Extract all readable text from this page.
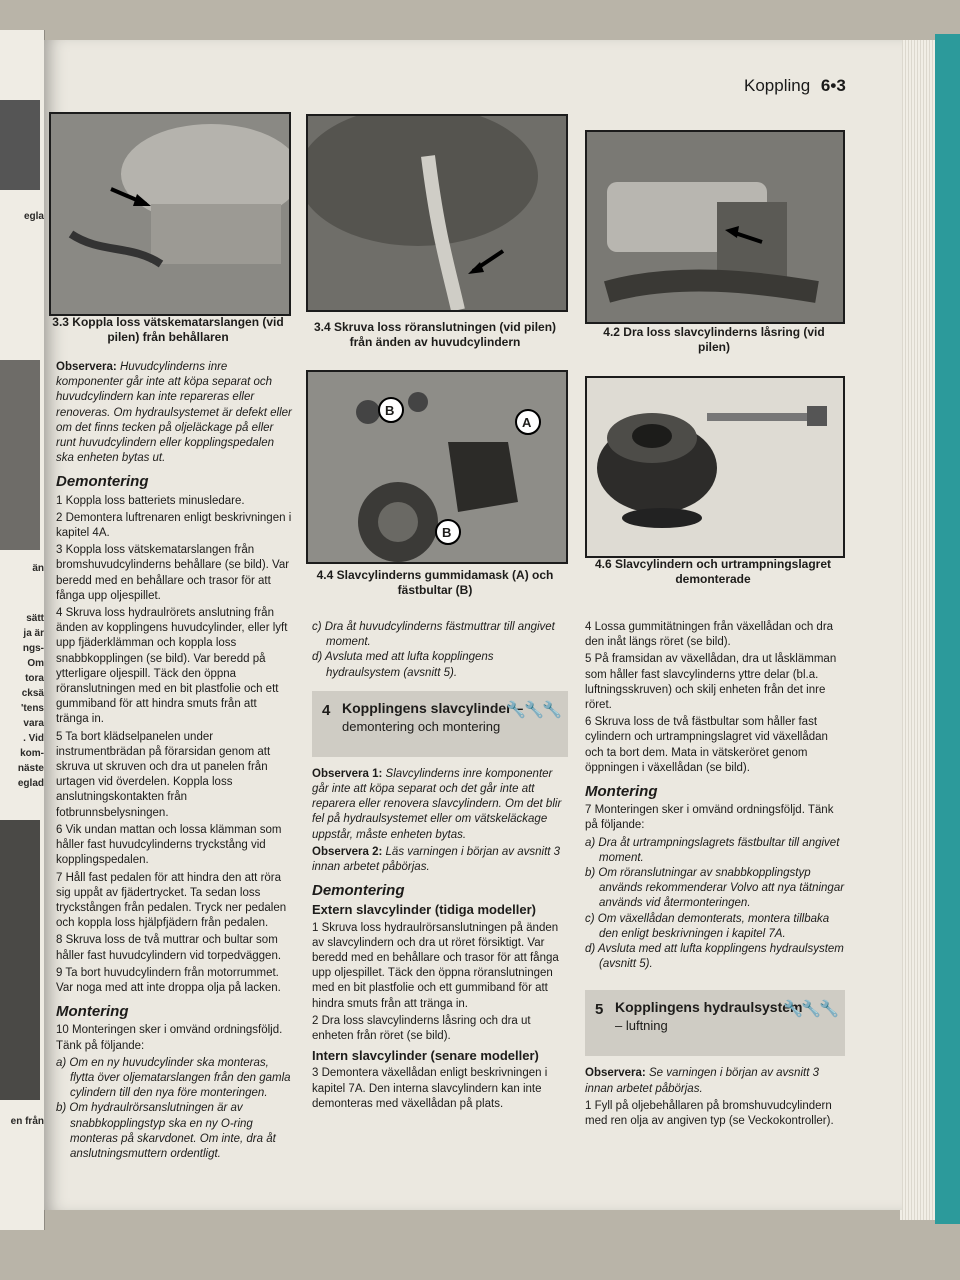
egla
än
sätt
ja är
ngs-
Om
tora
cksä
'tens
vara
. Vid
kom-
näste
eglad
en från
Koppling 6•3
3.3 Koppla loss vätskematarslangen (vid pilen) från behållaren
3.4 Skruva loss röranslutningen (vid pilen) från änden av huvudcylindern
4.2 Dra loss slavcylinderns låsring (vid pilen)
B
A
B
4.4 Slavcylinderns gummidamask (A) och fästbultar (B)
4.6 Slavcylindern och urtrampningslagret demonterade

Observera: Huvudcylinderns inre komponenter går inte att köpa separat och huvudcylindern kan inte repareras eller renoveras. Om hydraulsystemet är defekt eller om det finns tecken på oljeläckage på eller runt huvudcylindern eller kopplingspedalen ska enheten bytas ut.

Demontering

1 Koppla loss batteriets minusledare.

2 Demontera luftrenaren enligt beskrivningen i kapitel 4A.

3 Koppla loss vätskematarslangen från bromshuvudcylinderns behållare (se bild). Var beredd med en behållare och trasor för att fånga upp oljespillet.

4 Skruva loss hydraulrörets anslutning från änden av kopplingens huvudcylinder, eller lyft upp fjäderklämman och koppla loss snabbkopplingen (se bild). Var beredd på ytterligare oljespill. Täck den öppna röranslutningen med en bit plastfolie och ett gummiband för att hindra smuts från att tränga in.

5 Ta bort klädselpanelen under instrumentbrädan på förarsidan genom att skruva ut skruven och dra ut panelen från urtagen vid överdelen. Koppla loss anslutningskontakten från fotbrunnsbelysningen.

6 Vik undan mattan och lossa klämman som håller fast huvudcylinderns tryckstång vid kopplingspedalen.

7 Håll fast pedalen för att hindra den att röra sig uppåt av fjädertrycket. Ta sedan loss tryckstången från pedalen. Tryck ner pedalen och koppla loss hjälpfjädern från pedalen.

8 Skruva loss de två muttrar och bultar som håller fast huvudcylindern vid torpedväggen.

9 Ta bort huvudcylindern från motorrummet. Var noga med att inte droppa olja på lacken.

Montering

10 Monteringen sker i omvänd ordningsföljd. Tänk på följande:

a) Om en ny huvudcylinder ska monteras, flytta över oljematarslangen från den gamla cylindern till den nya före monteringen.

b) Om hydraulrörsanslutningen är av snabbkopplingstyp ska en ny O-ring monteras på skarvdonet. Om inte, dra åt anslutningsmuttern ordentligt.

c) Dra åt huvudcylinderns fästmuttrar till angivet moment.

d) Avsluta med att lufta kopplingens hydraulsystem (avsnitt 5).

4 Kopplingens slavcylinder –
demontering och montering
🔧🔧🔧

Observera 1: Slavcylinderns inre komponenter går inte att köpa separat och det går inte att reparera eller renovera slavcylindern. Om det blir fel på hydraulsystemet eller om vätskeläckage uppstår, måste enheten bytas.

Observera 2: Läs varningen i början av avsnitt 3 innan arbetet påbörjas.

Demontering
Extern slavcylinder (tidiga modeller)

1 Skruva loss hydraulrörsanslutningen på änden av slavcylindern och dra ut röret försiktigt. Var beredd med en behållare och trasor för att fånga upp oljespillet. Täck den öppna röranslutningen med en bit plastfolie och ett gummiband för att hindra smuts från att tränga in.

2 Dra loss slavcylinderns låsring och dra ut enheten från röret (se bild).

Intern slavcylinder (senare modeller)

3 Demontera växellådan enligt beskrivningen i kapitel 7A. Den interna slavcylindern kan inte demonteras med växellådan på plats.

4 Lossa gummitätningen från växellådan och dra den inåt längs röret (se bild).

5 På framsidan av växellådan, dra ut låsklämman som håller fast slavcylinderns yttre delar (bl.a. luftningsskruven) och skilj enheten från det inre röret.

6 Skruva loss de två fästbultar som håller fast cylindern och urtrampningslagret vid växellådan och ta bort dem. Mata in vätskeröret genom öppningen i växellådan (se bild).

Montering

7 Monteringen sker i omvänd ordningsföljd. Tänk på följande:

a) Dra åt urtrampningslagrets fästbultar till angivet moment.

b) Om röranslutningar av snabbkopplingstyp används rekommenderar Volvo att nya tätningar används vid återmonteringen.

c) Om växellådan demonterats, montera tillbaka den enligt beskrivningen i kapitel 7A.

d) Avsluta med att lufta kopplingens hydraulsystem (avsnitt 5).

5 Kopplingens hydraulsystem
– luftning
🔧🔧🔧

Observera: Se varningen i början av avsnitt 3 innan arbetet påbörjas.

1 Fyll på oljebehållaren på bromshuvudcylindern med ren olja av angiven typ (se Veckokontroller).
